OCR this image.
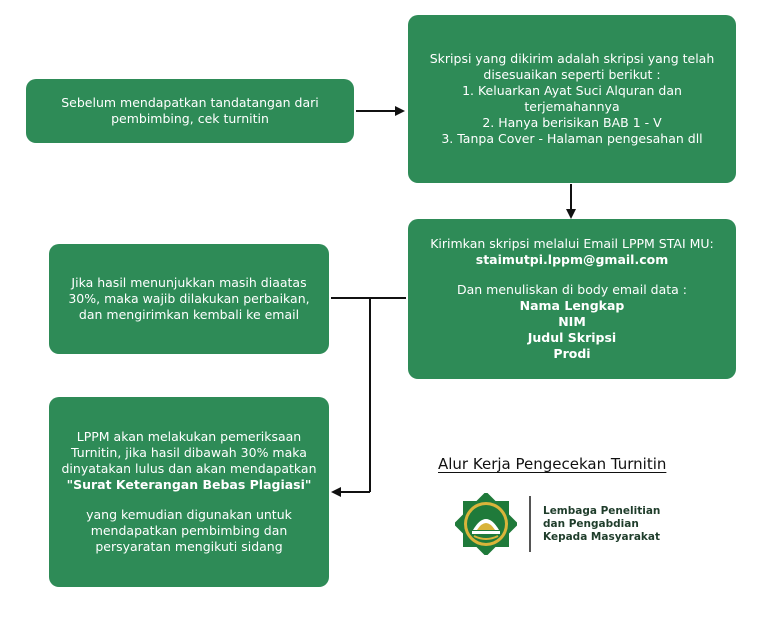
Sebelum mendapatkan tandatangan dari pembimbing, cek turnitin
Skripsi yang dikirim adalah skripsi yang telah disesuaikan seperti berikut :
1. Keluarkan Ayat Suci Alquran dan terjemahannya
2. Hanya berisikan BAB 1 - V
3. Tanpa Cover - Halaman pengesahan dll
Kirimkan skripsi melalui Email LPPM STAI MU:
staimutpi.lppm@gmail.com
Dan menuliskan di body email data :
Nama Lengkap
NIM
Judul Skripsi
Prodi
Jika hasil menunjukkan masih diaatas 30%, maka wajib dilakukan perbaikan, dan mengirimkan kembali ke email
LPPM akan melakukan pemeriksaan Turnitin, jika hasil dibawah 30% maka dinyatakan lulus dan akan mendapatkan
"Surat Keterangan Bebas Plagiasi"
yang kemudian digunakan untuk mendapatkan pembimbing dan persyaratan mengikuti sidang
Alur Kerja Pengecekan Turnitin
Lembaga Penelitian
dan Pengabdian
Kepada Masyarakat
